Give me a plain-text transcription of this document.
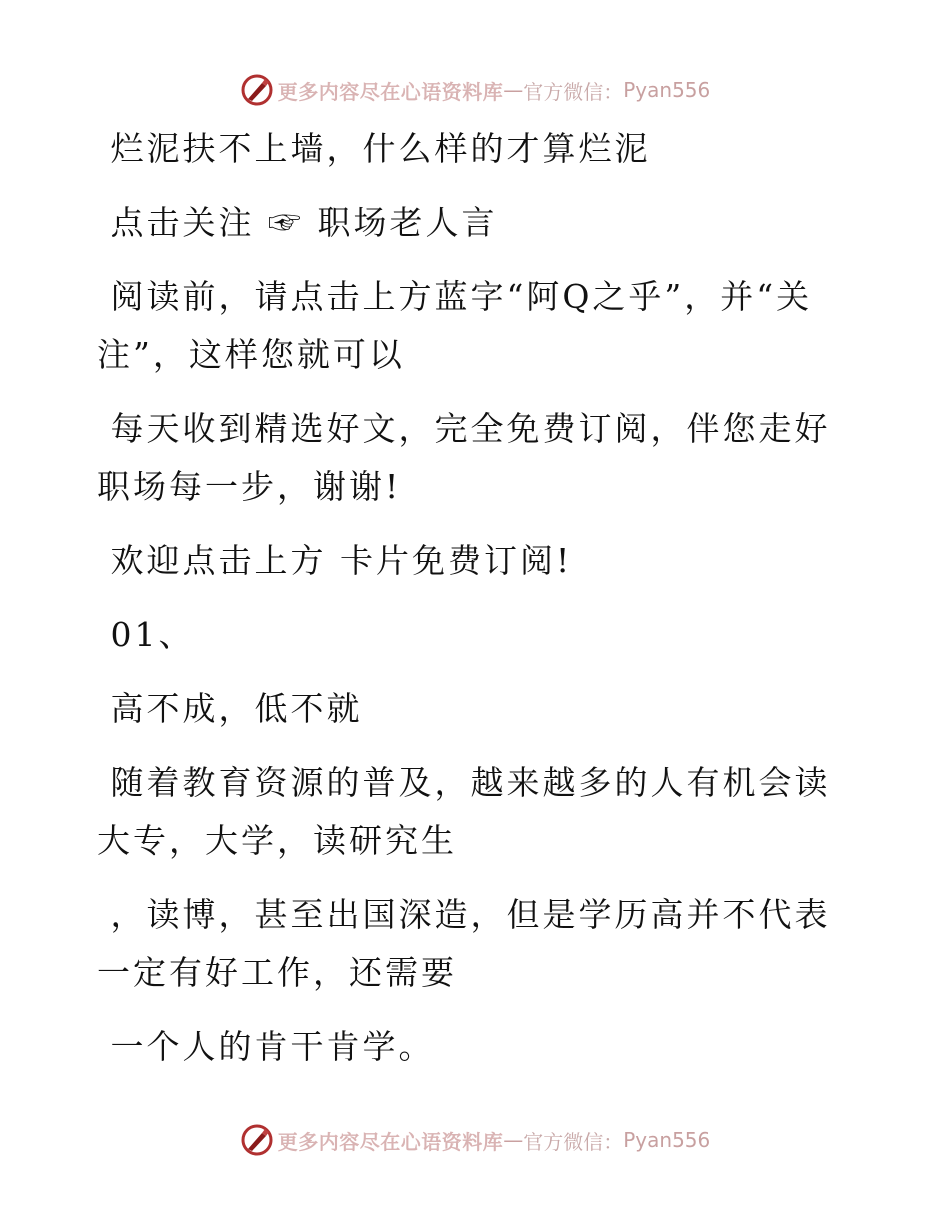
更多内容尽在心语资料库 — 官方微信： Pyan556

烂泥扶不上墙，什么样的才算烂泥

点击关注 ☞ 职场老人言

阅读前，请点击上方蓝字“阿Q之乎”，并“关注”，这样您就可以

每天收到精选好文，完全免费订阅，伴您走好职场每一步，谢谢!

欢迎点击上方 卡片免费订阅!

01、

高不成，低不就

随着教育资源的普及，越来越多的人有机会读大专，大学，读研究生

，读博，甚至出国深造，但是学历高并不代表一定有好工作，还需要

一个人的肯干肯学。

更多内容尽在心语资料库 — 官方微信： Pyan556
